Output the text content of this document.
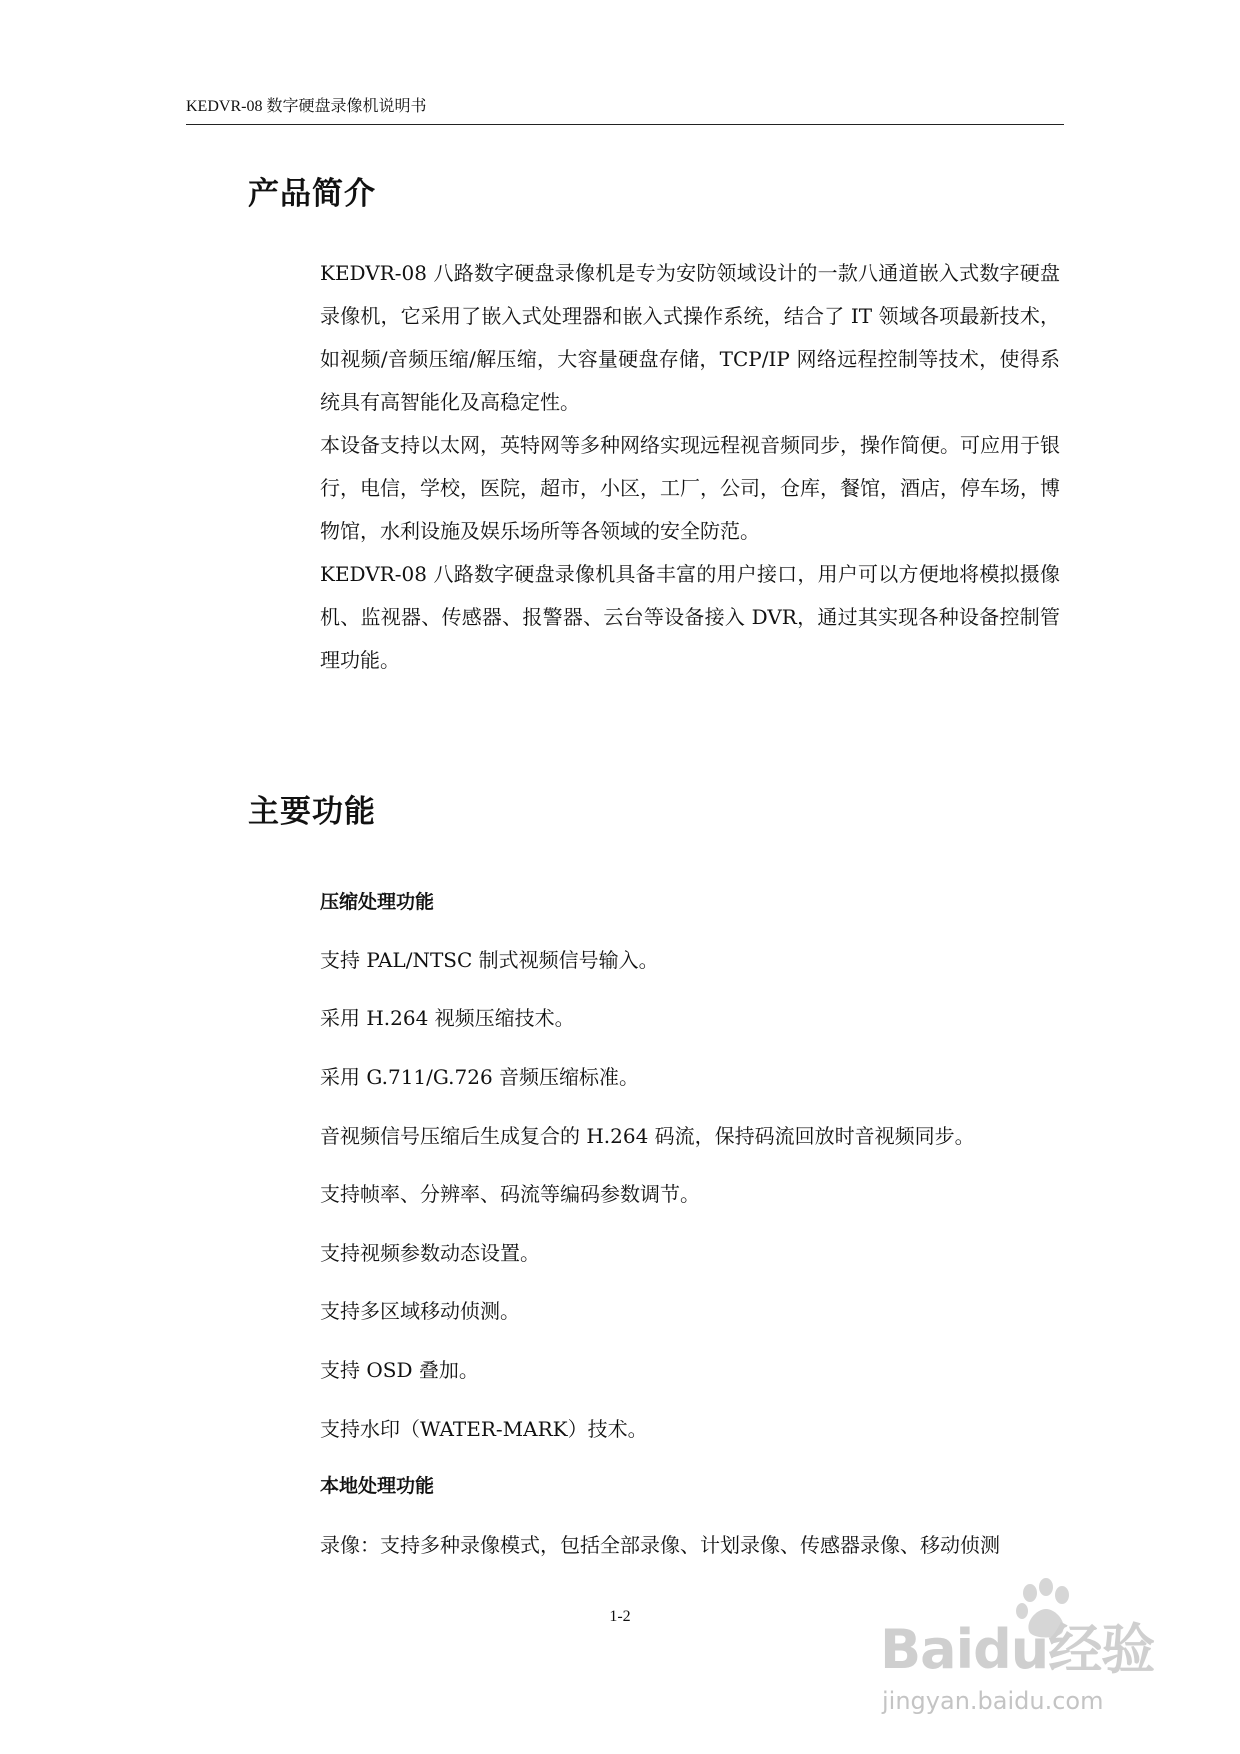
KEDVR-08 数字硬盘录像机说明书
产品简介

KEDVR-08 八路数字硬盘录像机是专为安防领域设计的一款八通道嵌入式数字硬盘录像机，它采用了嵌入式处理器和嵌入式操作系统，结合了 IT 领域各项最新技术，如视频/音频压缩/解压缩，大容量硬盘存储，TCP/IP 网络远程控制等技术，使得系统具有高智能化及高稳定性。

本设备支持以太网，英特网等多种网络实现远程视音频同步，操作简便。可应用于银行，电信，学校，医院，超市，小区，工厂，公司，仓库，餐馆，酒店，停车场，博物馆，水利设施及娱乐场所等各领域的安全防范。

KEDVR-08 八路数字硬盘录像机具备丰富的用户接口，用户可以方便地将模拟摄像机、监视器、传感器、报警器、云台等设备接入 DVR，通过其实现各种设备控制管理功能。

主要功能

压缩处理功能

支持 PAL/NTSC 制式视频信号输入。

采用 H.264 视频压缩技术。

采用 G.711/G.726 音频压缩标准。

音视频信号压缩后生成复合的 H.264 码流，保持码流回放时音视频同步。

支持帧率、分辨率、码流等编码参数调节。

支持视频参数动态设置。

支持多区域移动侦测。

支持 OSD 叠加。

支持水印（WATER-MARK）技术。

本地处理功能

录像：支持多种录像模式，包括全部录像、计划录像、传感器录像、移动侦测

1-2
Baidu经验
jingyan.baidu.com
